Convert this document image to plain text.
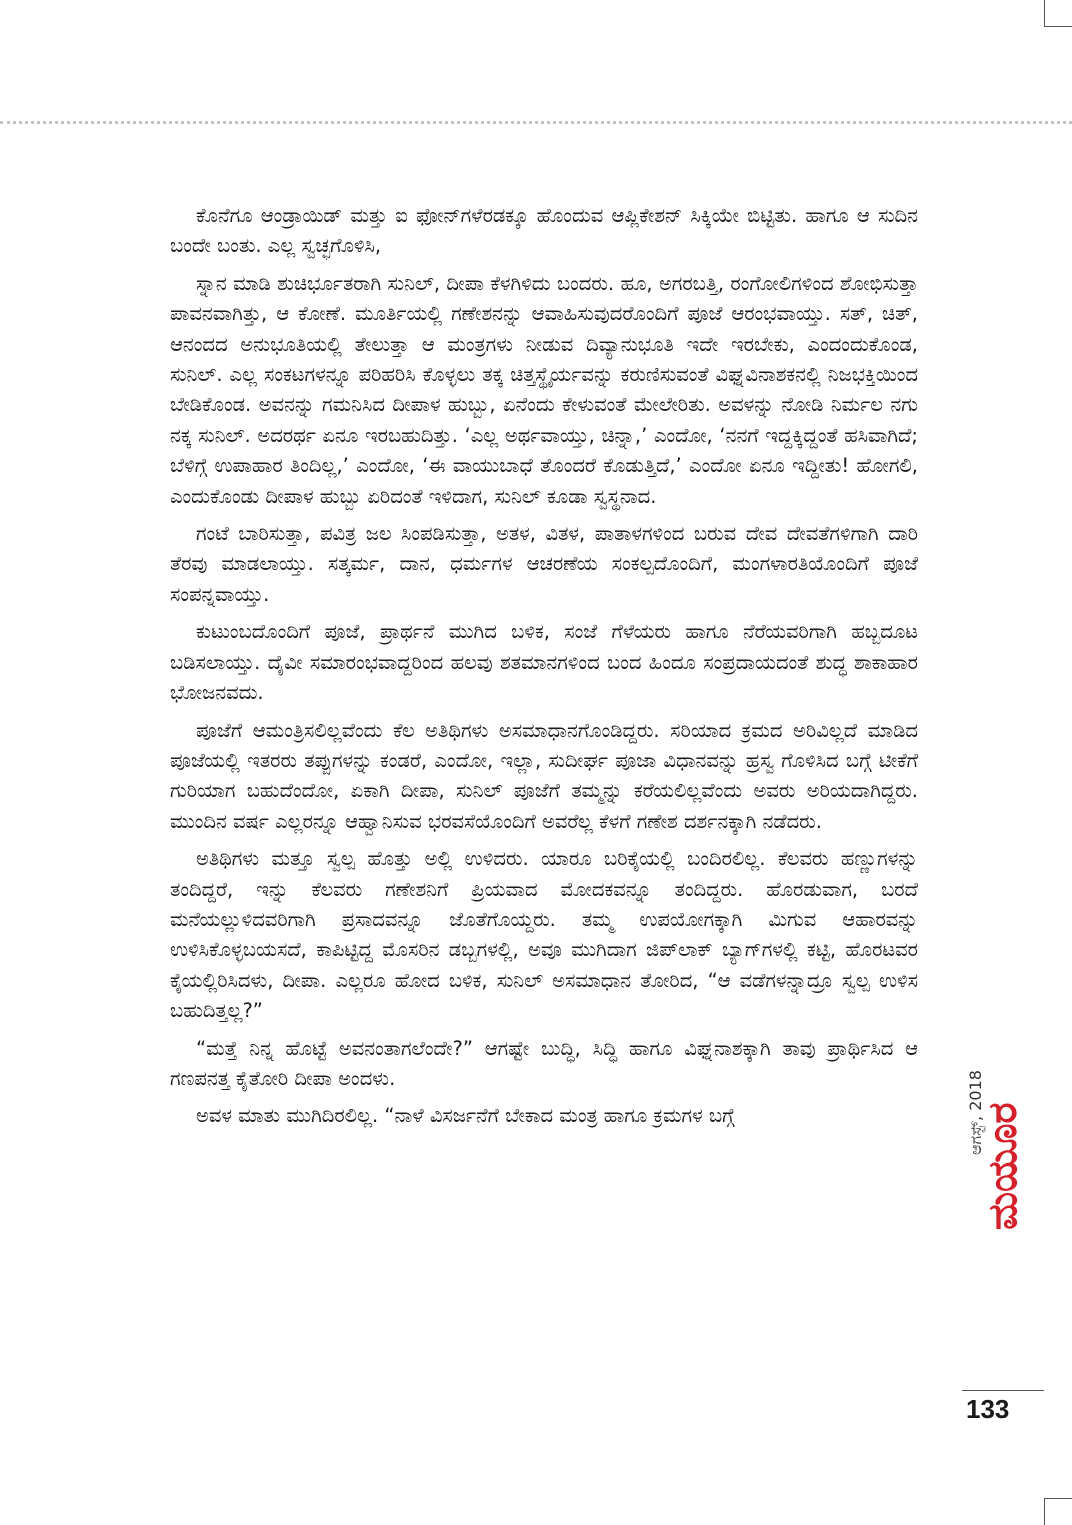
ಕೊನೆಗೂ ಆಂಡ್ರಾಯಿಡ್ ಮತ್ತು ಐ ಫೋನ್‌ಗಳೆರಡಕ್ಕೂ ಹೊಂದುವ ಆಪ್ಲಿಕೇಶನ್ ಸಿಕ್ಕಿಯೇ ಬಿಟ್ಟಿತು. ಹಾಗೂ ಆ ಸುದಿನ ಬಂದೇ ಬಂತು. ಎಲ್ಲ ಸ್ವಚ್ಛಗೊಳಿಸಿ,

ಸ್ನಾನ ಮಾಡಿ ಶುಚಿರ್ಭೂತರಾಗಿ ಸುನಿಲ್, ದೀಪಾ ಕೆಳಗಿಳಿದು ಬಂದರು. ಹೂ, ಅಗರಬತ್ತಿ, ರಂಗೋಲಿಗಳಿಂದ ಶೋಭಿಸುತ್ತಾ ಪಾವನವಾಗಿತ್ತು, ಆ ಕೋಣೆ. ಮೂರ್ತಿಯಲ್ಲಿ ಗಣೇಶನನ್ನು ಆವಾಹಿಸುವುದರೊಂದಿಗೆ ಪೂಜೆ ಆರಂಭವಾಯ್ತು. ಸತ್, ಚಿತ್, ಆನಂದದ ಅನುಭೂತಿಯಲ್ಲಿ ತೇಲುತ್ತಾ ಆ ಮಂತ್ರಗಳು ನೀಡುವ ದಿವ್ಯಾನುಭೂತಿ ಇದೇ ಇರಬೇಕು, ಎಂದಂದುಕೊಂಡ, ಸುನಿಲ್. ಎಲ್ಲ ಸಂಕಟಗಳನ್ನೂ ಪರಿಹರಿಸಿ ಕೊಳ್ಳಲು ತಕ್ಕ ಚಿತ್ತಸ್ಥೈರ್ಯವನ್ನು ಕರುಣಿಸುವಂತೆ ವಿಘ್ನವಿನಾಶಕನಲ್ಲಿ ನಿಜಭಕ್ತಿಯಿಂದ ಬೇಡಿಕೊಂಡ. ಅವನನ್ನು ಗಮನಿಸಿದ ದೀಪಾಳ ಹುಬ್ಬು, ಏನೆಂದು ಕೇಳುವಂತೆ ಮೇಲೇರಿತು. ಅವಳನ್ನು ನೋಡಿ ನಿರ್ಮಲ ನಗು ನಕ್ಕ ಸುನಿಲ್. ಅದರರ್ಥ ಏನೂ ಇರಬಹುದಿತ್ತು. ‘ಎಲ್ಲ ಅರ್ಥವಾಯ್ತು, ಚಿನ್ನಾ,’ ಎಂದೋ, ‘ನನಗೆ ಇದ್ದಕ್ಕಿದ್ದಂತೆ ಹಸಿವಾಗಿದೆ; ಬೆಳಿಗ್ಗೆ ಉಪಾಹಾರ ತಿಂದಿಲ್ಲ,’ ಎಂದೋ, ‘ಈ ವಾಯುಬಾಧೆ ತೊಂದರೆ ಕೊಡುತ್ತಿದೆ,’ ಎಂದೋ ಏನೂ ಇದ್ದೀತು! ಹೋಗಲಿ, ಎಂದುಕೊಂಡು ದೀಪಾಳ ಹುಬ್ಬು ಏರಿದಂತೆ ಇಳಿದಾಗ, ಸುನಿಲ್ ಕೂಡಾ ಸ್ವಸ್ಥನಾದ.

ಗಂಟೆ ಬಾರಿಸುತ್ತಾ, ಪವಿತ್ರ ಜಲ ಸಿಂಪಡಿಸುತ್ತಾ, ಅತಳ, ವಿತಳ, ಪಾತಾಳಗಳಿಂದ ಬರುವ ದೇವ ದೇವತೆಗಳಿಗಾಗಿ ದಾರಿ ತೆರವು ಮಾಡಲಾಯ್ತು. ಸತ್ಕರ್ಮ, ದಾನ, ಧರ್ಮಗಳ ಆಚರಣೆಯ ಸಂಕಲ್ಪದೊಂದಿಗೆ, ಮಂಗಳಾರತಿಯೊಂದಿಗೆ ಪೂಜೆ ಸಂಪನ್ನವಾಯ್ತು.

ಕುಟುಂಬದೊಂದಿಗೆ ಪೂಜೆ, ಪ್ರಾರ್ಥನೆ ಮುಗಿದ ಬಳಿಕ, ಸಂಜೆ ಗೆಳೆಯರು ಹಾಗೂ ನೆರೆಯವರಿಗಾಗಿ ಹಬ್ಬದೂಟ ಬಡಿಸಲಾಯ್ತು. ದೈವೀ ಸಮಾರಂಭವಾದ್ದರಿಂದ ಹಲವು ಶತಮಾನಗಳಿಂದ ಬಂದ ಹಿಂದೂ ಸಂಪ್ರದಾಯದಂತೆ ಶುದ್ಧ ಶಾಕಾಹಾರ ಭೋಜನವದು.

ಪೂಜೆಗೆ ಆಮಂತ್ರಿಸಲಿಲ್ಲವೆಂದು ಕೆಲ ಅತಿಥಿಗಳು ಅಸಮಾಧಾನಗೊಂಡಿದ್ದರು. ಸರಿಯಾದ ಕ್ರಮದ ಅರಿವಿಲ್ಲದೆ ಮಾಡಿದ ಪೂಜೆಯಲ್ಲಿ ಇತರರು ತಪ್ಪುಗಳನ್ನು ಕಂಡರೆ, ಎಂದೋ, ಇಲ್ಲಾ, ಸುದೀರ್ಘ ಪೂಜಾ ವಿಧಾನವನ್ನು ಹ್ರಸ್ವ ಗೊಳಿಸಿದ ಬಗ್ಗೆ ಟೀಕೆಗೆ ಗುರಿಯಾಗ ಬಹುದೆಂದೋ, ಏಕಾಗಿ ದೀಪಾ, ಸುನಿಲ್ ಪೂಜೆಗೆ ತಮ್ಮನ್ನು ಕರೆಯಲಿಲ್ಲವೆಂದು ಅವರು ಅರಿಯದಾಗಿದ್ದರು. ಮುಂದಿನ ವರ್ಷ ಎಲ್ಲರನ್ನೂ ಆಹ್ವಾನಿಸುವ ಭರವಸೆಯೊಂದಿಗೆ ಅವರೆಲ್ಲ ಕೆಳಗೆ ಗಣೇಶ ದರ್ಶನಕ್ಕಾಗಿ ನಡೆದರು.

ಅತಿಥಿಗಳು ಮತ್ತೂ ಸ್ವಲ್ಪ ಹೊತ್ತು ಅಲ್ಲಿ ಉಳಿದರು. ಯಾರೂ ಬರಿಕೈಯಲ್ಲಿ ಬಂದಿರಲಿಲ್ಲ. ಕೆಲವರು ಹಣ್ಣುಗಳನ್ನು ತಂದಿದ್ದರೆ, ಇನ್ನು ಕೆಲವರು ಗಣೇಶನಿಗೆ ಪ್ರಿಯವಾದ ಮೋದಕವನ್ನೂ ತಂದಿದ್ದರು. ಹೊರಡುವಾಗ, ಬರದೆ ಮನೆಯಲ್ಲುಳಿದವರಿಗಾಗಿ ಪ್ರಸಾದವನ್ನೂ ಜೊತೆಗೊಯ್ದರು. ತಮ್ಮ ಉಪಯೋಗಕ್ಕಾಗಿ ಮಿಗುವ ಆಹಾರವನ್ನು ಉಳಿಸಿಕೊಳ್ಳಬಯಸದೆ, ಕಾಪಿಟ್ಟಿದ್ದ ಮೊಸರಿನ ಡಬ್ಬಗಳಲ್ಲಿ, ಅವೂ ಮುಗಿದಾಗ ಜಿಪ್‌ಲಾಕ್ ಬ್ಯಾಗ್‌ಗಳಲ್ಲಿ ಕಟ್ಟಿ, ಹೊರಟವರ ಕೈಯಲ್ಲಿರಿಸಿದಳು, ದೀಪಾ. ಎಲ್ಲರೂ ಹೋದ ಬಳಿಕ, ಸುನಿಲ್ ಅಸಮಾಧಾನ ತೋರಿದ, “ಆ ವಡೆಗಳನ್ನಾದ್ರೂ ಸ್ವಲ್ಪ ಉಳಿಸ ಬಹುದಿತ್ತಲ್ಲ?”

“ಮತ್ತೆ ನಿನ್ನ ಹೊಟ್ಟೆ ಅವನಂತಾಗಲೆಂದೇ?” ಆಗಷ್ಟೇ ಬುದ್ಧಿ, ಸಿದ್ಧಿ ಹಾಗೂ ವಿಘ್ನನಾಶಕ್ಕಾಗಿ ತಾವು ಪ್ರಾರ್ಥಿಸಿದ ಆ ಗಣಪನತ್ತ ಕೈತೋರಿ ದೀಪಾ ಅಂದಳು.

ಅವಳ ಮಾತು ಮುಗಿದಿರಲಿಲ್ಲ. “ನಾಳೆ ವಿಸರ್ಜನೆಗೆ ಬೇಕಾದ ಮಂತ್ರ ಹಾಗೂ ಕ್ರಮಗಳ ಬಗ್ಗೆ	ಆಗಸ್ಟ್, 2018
ಮಯೂರ
133
